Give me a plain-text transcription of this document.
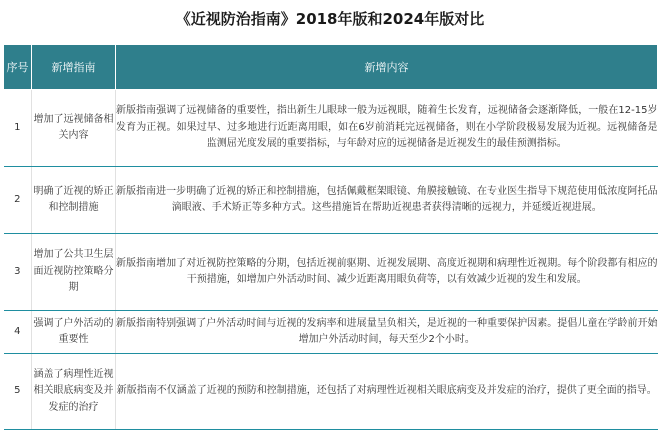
《近视防治指南》2018年版和2024年版对比
序号	新增指南	新增内容
1	增加了远视储备相关内容	新版指南强调了远视储备的重要性，指出新生儿眼球一般为远视眼，随着生长发育，远视储备会逐渐降低，一般在12-15岁发育为正视。如果过早、过多地进行近距离用眼，如在6岁前消耗完远视储备，则在小学阶段极易发展为近视。远视储备是监测屈光度发展的重要指标，与年龄对应的远视储备是近视发生的最佳预测指标。
2	明确了近视的矫正和控制措施	新版指南进一步明确了近视的矫正和控制措施，包括佩戴框架眼镜、角膜接触镜、在专业医生指导下规范使用低浓度阿托品滴眼液、手术矫正等多种方式。这些措施旨在帮助近视患者获得清晰的远视力，并延缓近视进展。
3	增加了公共卫生层面近视防控策略分期	新版指南增加了对近视防控策略的分期，包括近视前驱期、近视发展期、高度近视期和病理性近视期。每个阶段都有相应的干预措施，如增加户外活动时间、减少近距离用眼负荷等，以有效减少近视的发生和发展。
4	强调了户外活动的重要性	新版指南特别强调了户外活动时间与近视的发病率和进展量呈负相关，是近视的一种重要保护因素。提倡儿童在学龄前开始增加户外活动时间，每天至少2个小时。
5	涵盖了病理性近视相关眼底病变及并发症的治疗	新版指南不仅涵盖了近视的预防和控制措施，还包括了对病理性近视相关眼底病变及并发症的治疗，提供了更全面的指导。
